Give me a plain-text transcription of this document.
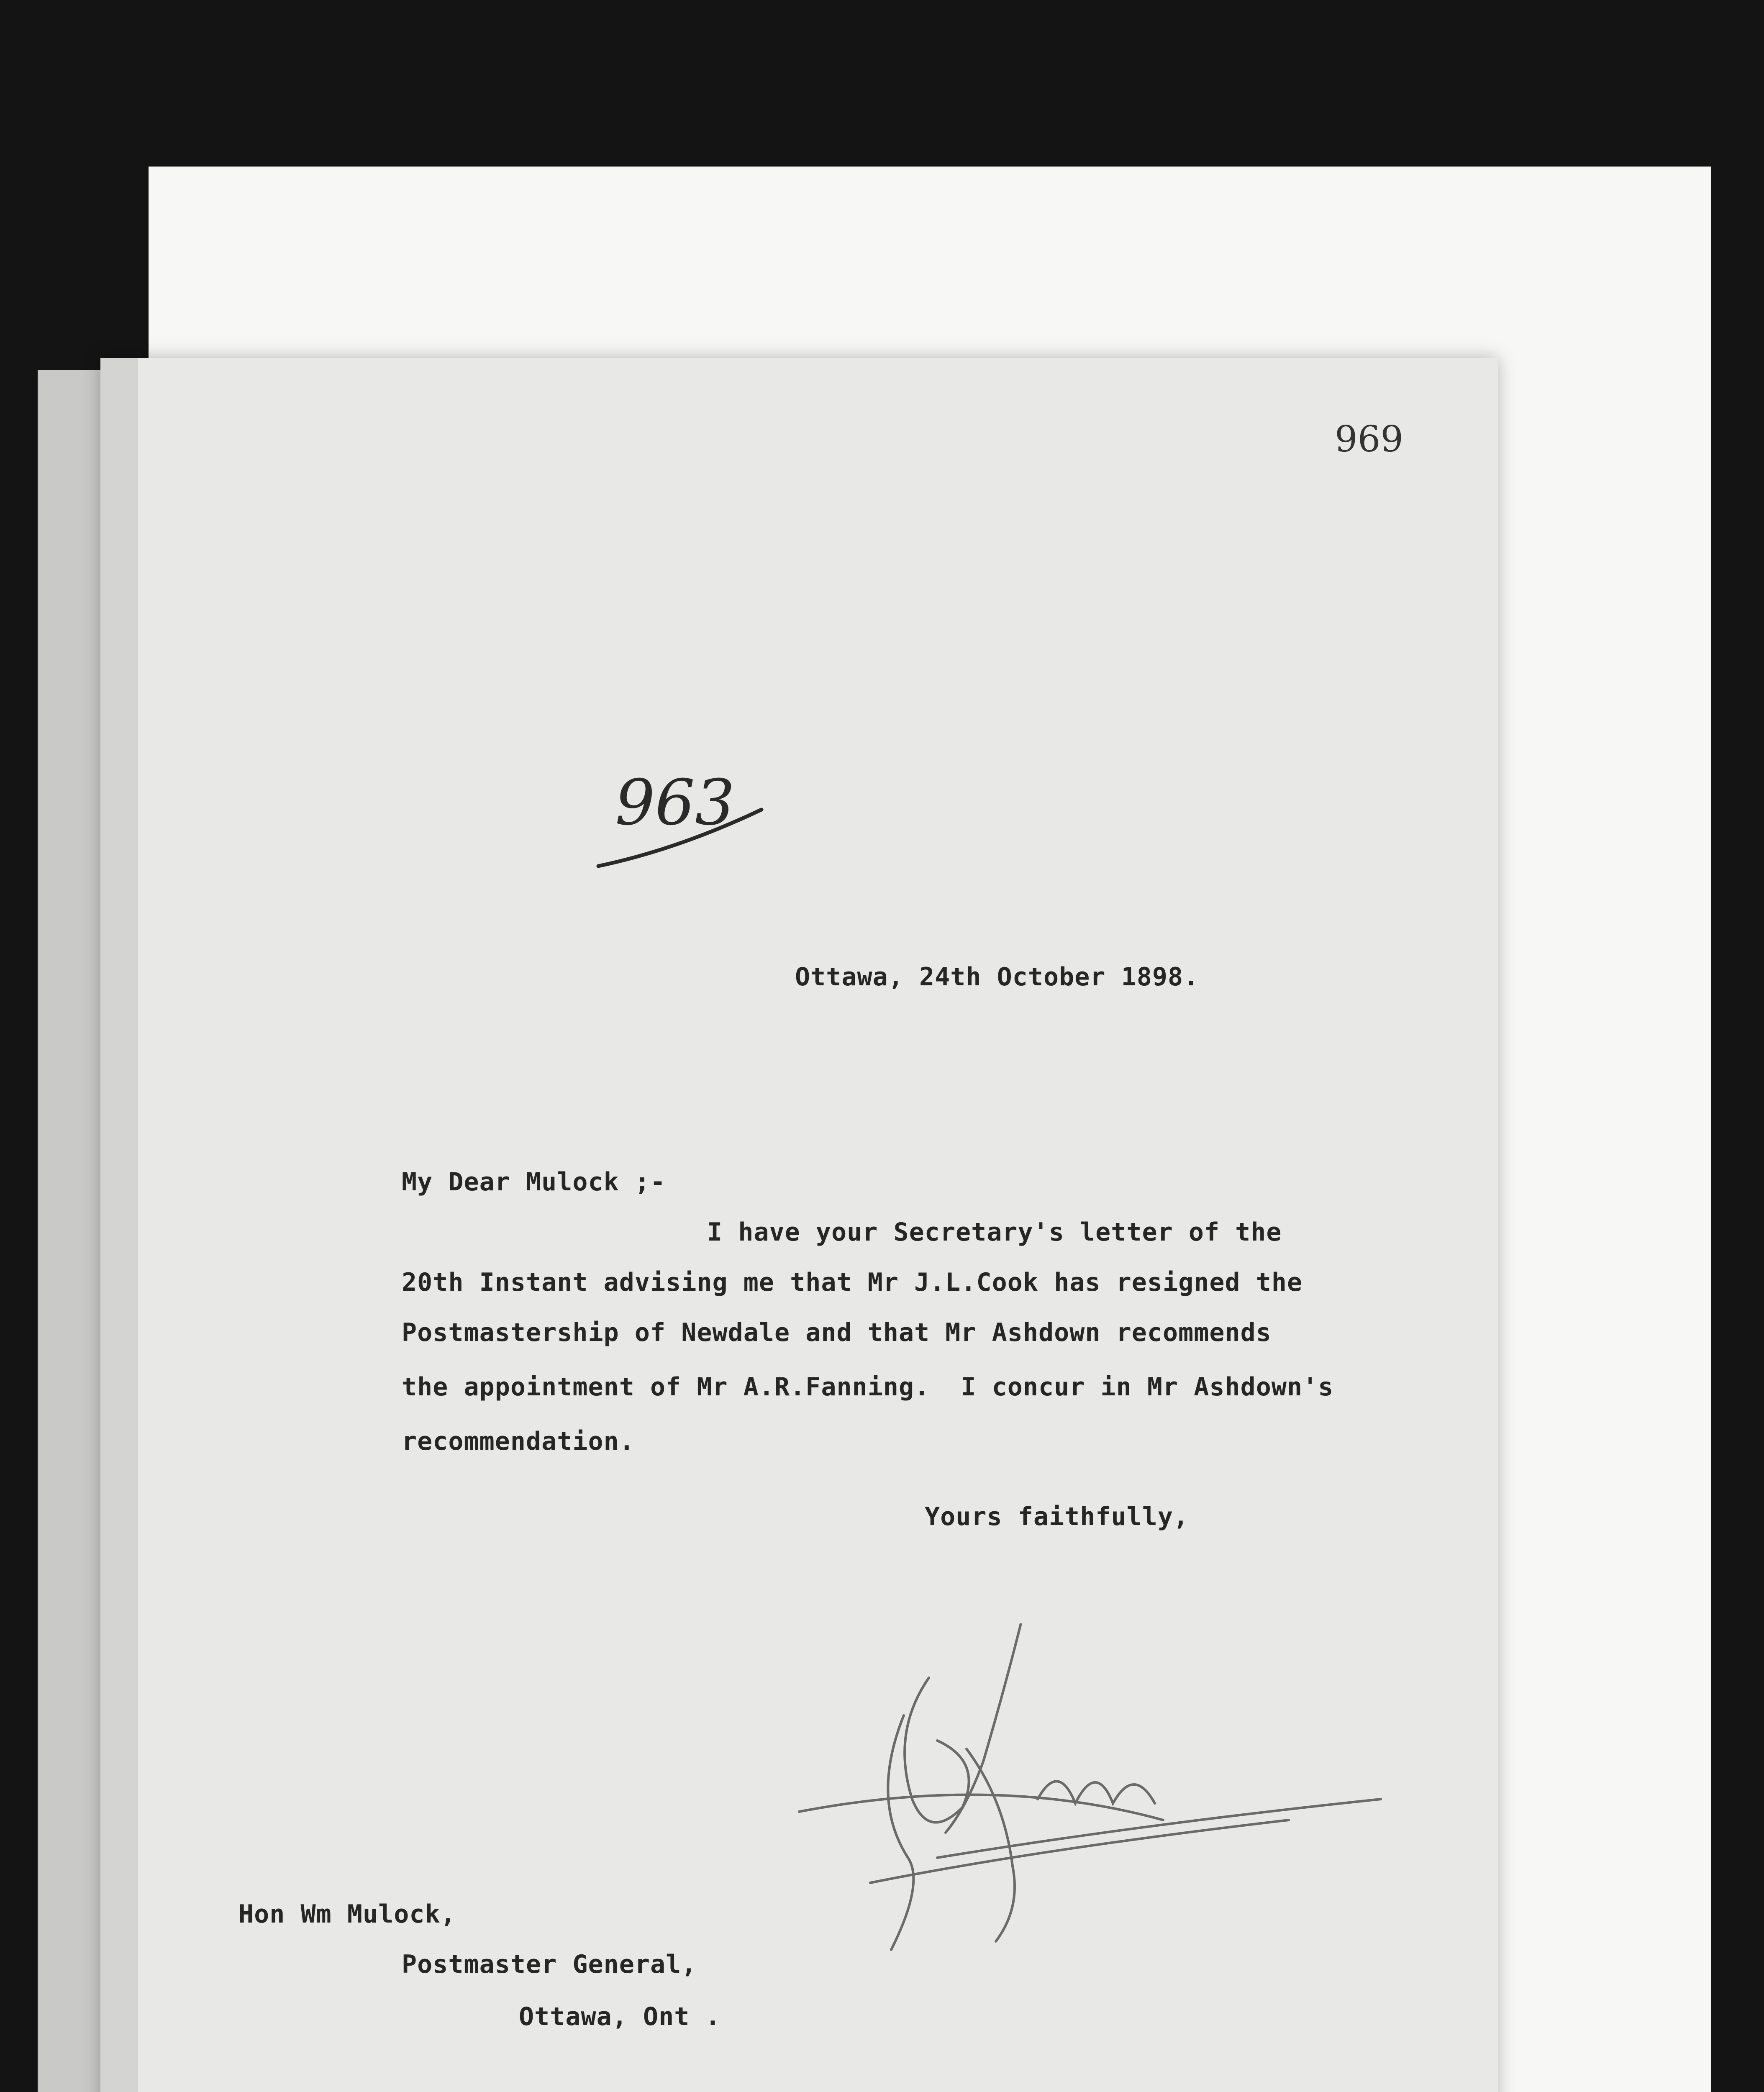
969
963
Ottawa, 24th October 1898.
My Dear Mulock ;-
I have your Secretary's letter of the
20th Instant advising me that Mr J.L.Cook has resigned the
Postmastership of Newdale and that Mr Ashdown recommends
the appointment of Mr A.R.Fanning.  I concur in Mr Ashdown's
recommendation.
Yours faithfully,
Hon Wm Mulock,
Postmaster General,
Ottawa, Ont .
